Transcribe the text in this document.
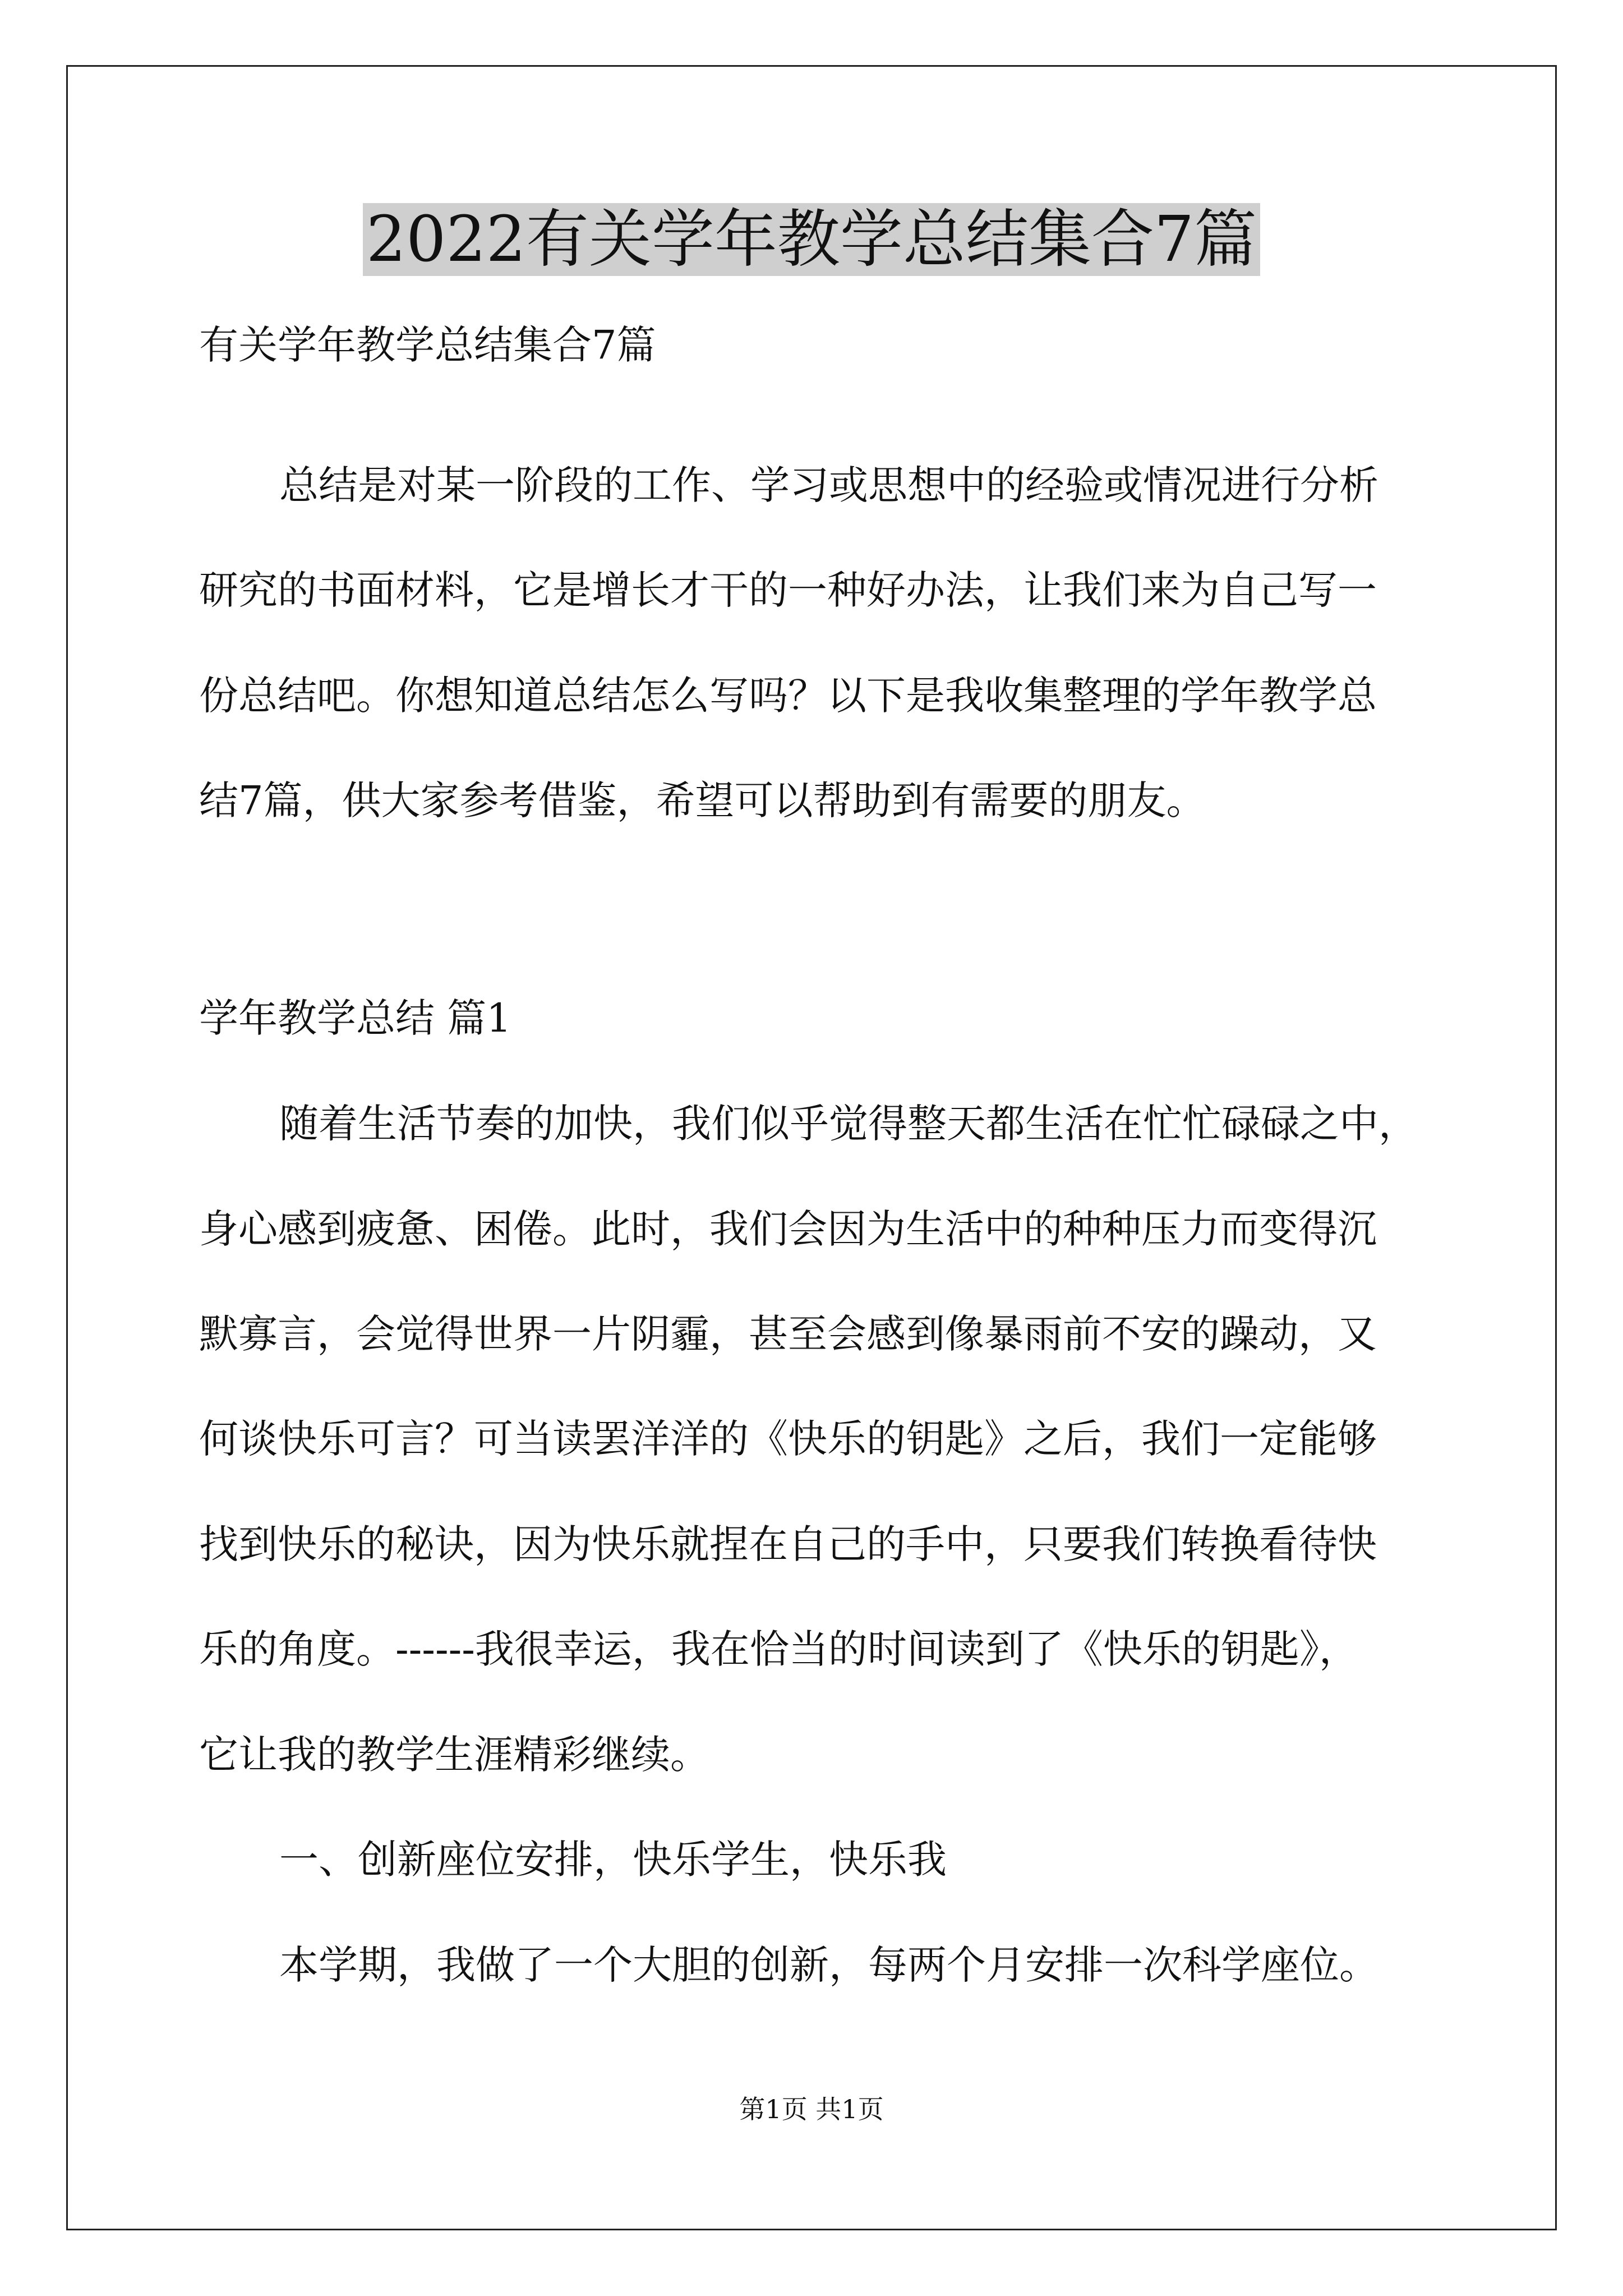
2022有关学年教学总结集合7篇
有关学年教学总结集合7篇
总结是对某一阶段的工作、学习或思想中的经验或情况进行分析
研究的书面材料，它是增长才干的一种好办法，让我们来为自己写一
份总结吧。你想知道总结怎么写吗？以下是我收集整理的学年教学总
结7篇，供大家参考借鉴，希望可以帮助到有需要的朋友。
学年教学总结 篇1
随着生活节奏的加快，我们似乎觉得整天都生活在忙忙碌碌之中，
身心感到疲惫、困倦。此时，我们会因为生活中的种种压力而变得沉
默寡言，会觉得世界一片阴霾，甚至会感到像暴雨前不安的躁动，又
何谈快乐可言？可当读罢洋洋的《快乐的钥匙》之后，我们一定能够
找到快乐的秘诀，因为快乐就捏在自己的手中，只要我们转换看待快
乐的角度。------我很幸运，我在恰当的时间读到了《快乐的钥匙》，
它让我的教学生涯精彩继续。
一、创新座位安排，快乐学生，快乐我
本学期，我做了一个大胆的创新，每两个月安排一次科学座位。
第1页 共1页
